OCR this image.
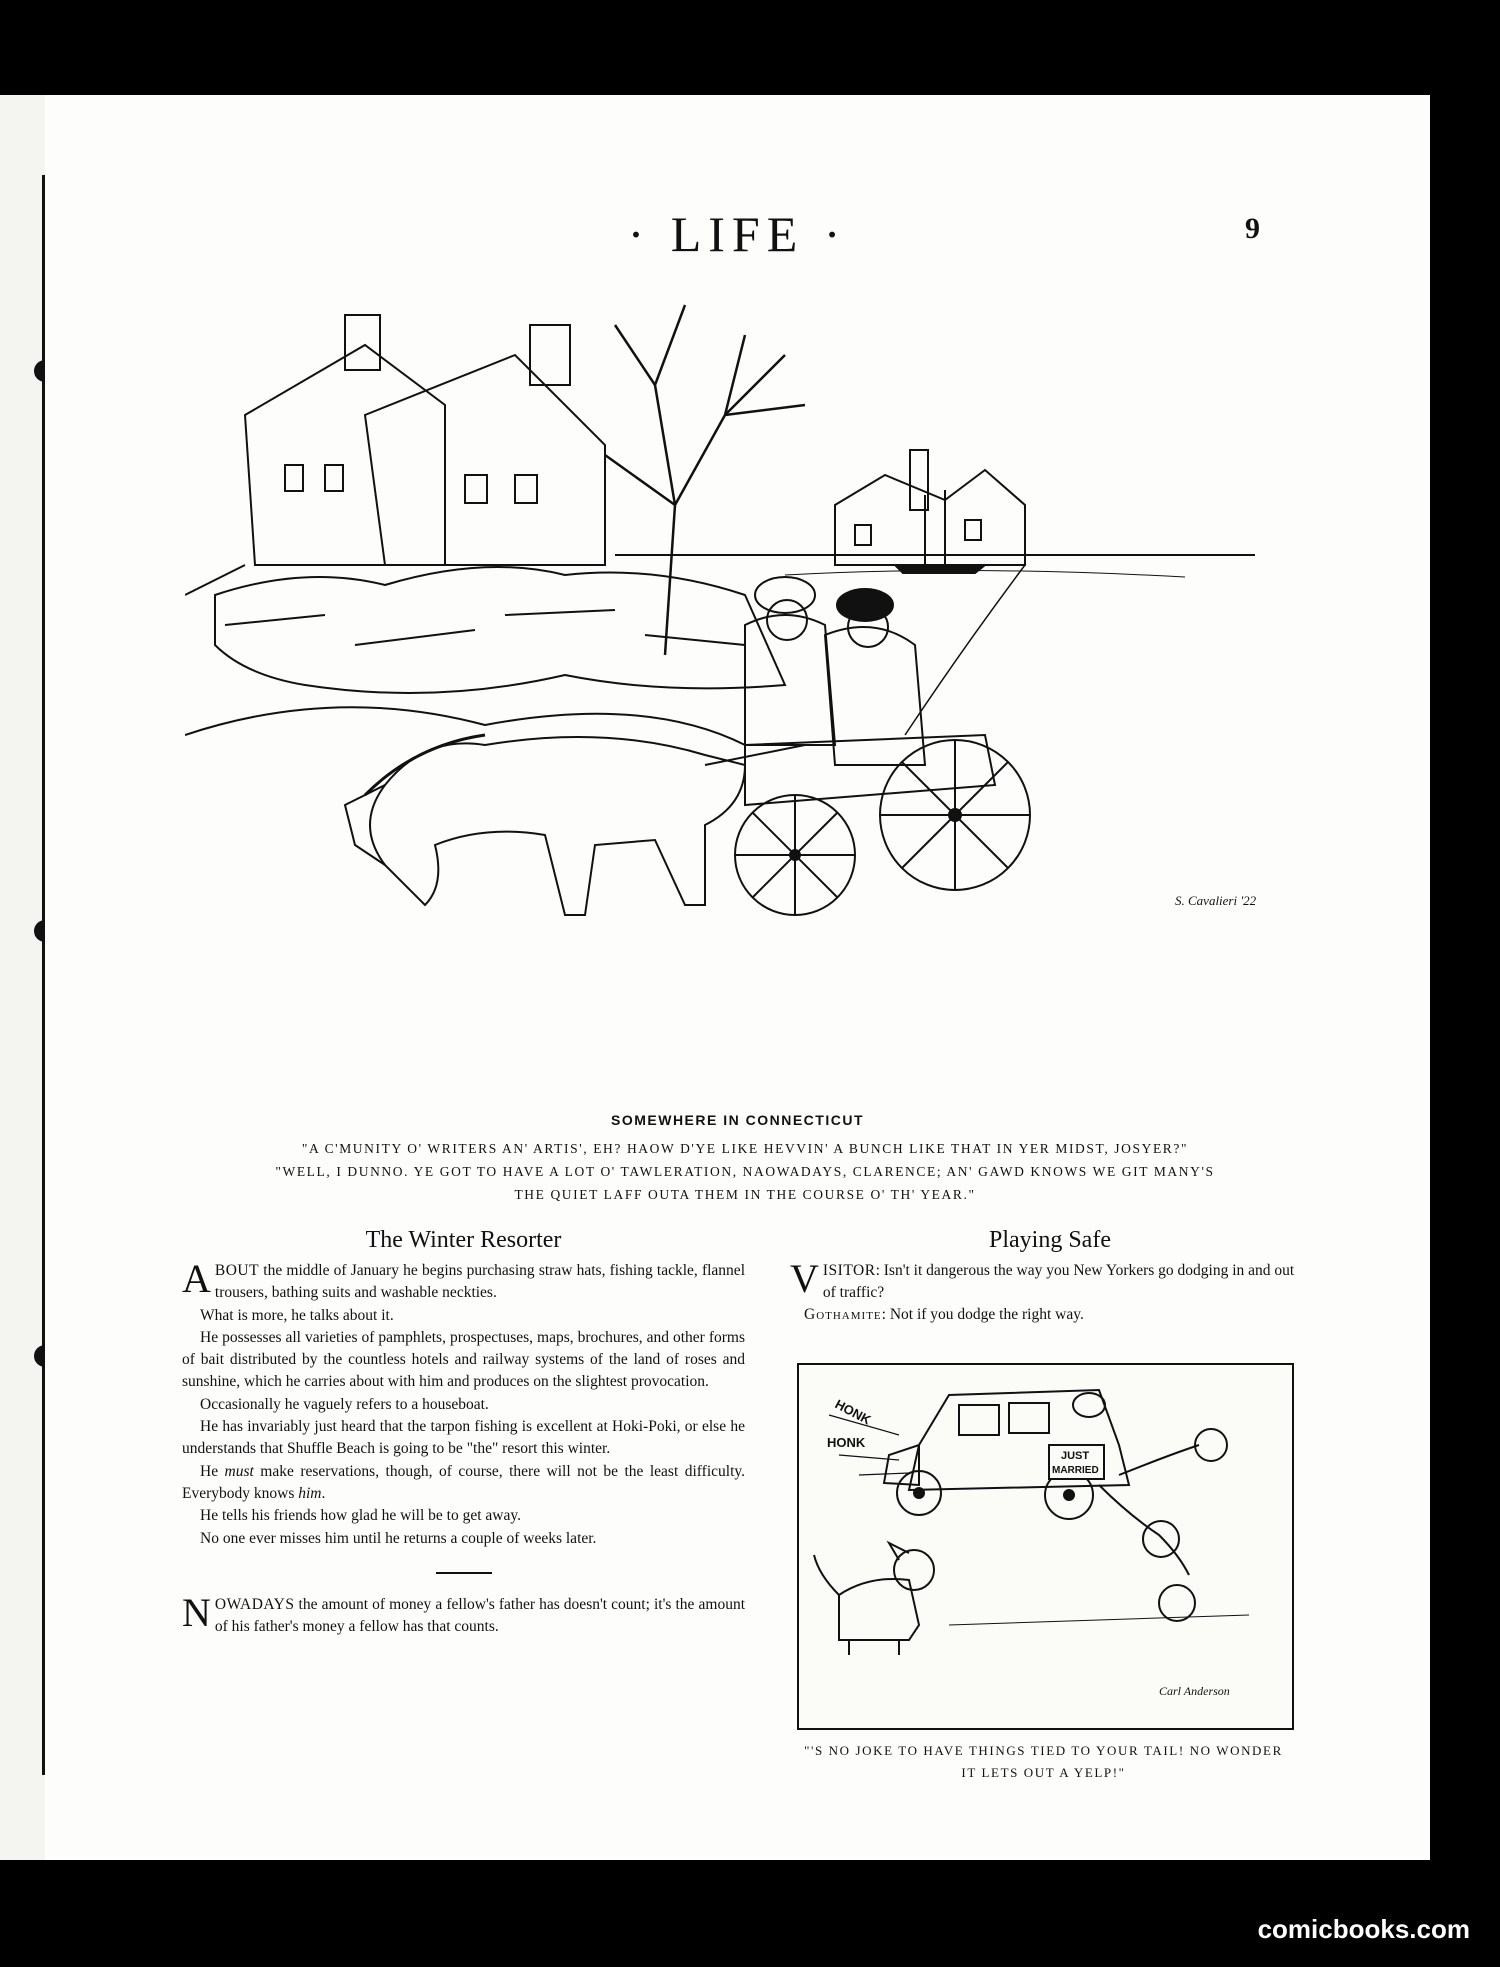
· LIFE ·	9
S. Cavalieri '22
SOMEWHERE IN CONNECTICUT
"A C'MUNITY O' WRITERS AN' ARTIS', EH? HAOW D'YE LIKE HEVVIN' A BUNCH LIKE THAT IN YER MIDST, JOSYER?"
"WELL, I DUNNO. YE GOT TO HAVE A LOT O' TAWLERATION, NAOWADAYS, CLARENCE; AN' GAWD KNOWS WE GIT MANY'S
THE QUIET LAFF OUTA THEM IN THE COURSE O' TH' YEAR."
The Winter Resorter

ABOUT the middle of January he begins purchasing straw hats, fishing tackle, flannel trousers, bathing suits and washable neckties.

What is more, he talks about it.

He possesses all varieties of pamphlets, prospectuses, maps, brochures, and other forms of bait distributed by the countless hotels and railway systems of the land of roses and sunshine, which he carries about with him and produces on the slightest provocation.

Occasionally he vaguely refers to a houseboat.

He has invariably just heard that the tarpon fishing is excellent at Hoki-Poki, or else he understands that Shuffle Beach is going to be "the" resort this winter.

He must make reservations, though, of course, there will not be the least difficulty. Everybody knows him.

He tells his friends how glad he will be to get away.

No one ever misses him until he returns a couple of weeks later.

NOWADAYS the amount of money a fellow's father has doesn't count; it's the amount of his father's money a fellow has that counts.

Playing Safe

VISITOR: Isn't it dangerous the way you New Yorkers go dodging in and out of traffic?

Gothamite: Not if you dodge the right way.

HONK
HONK
JUST
MARRIED
Carl Anderson
"'S NO JOKE TO HAVE THINGS TIED TO YOUR TAIL! NO WONDER IT LETS OUT A YELP!"
comicbooks.com
